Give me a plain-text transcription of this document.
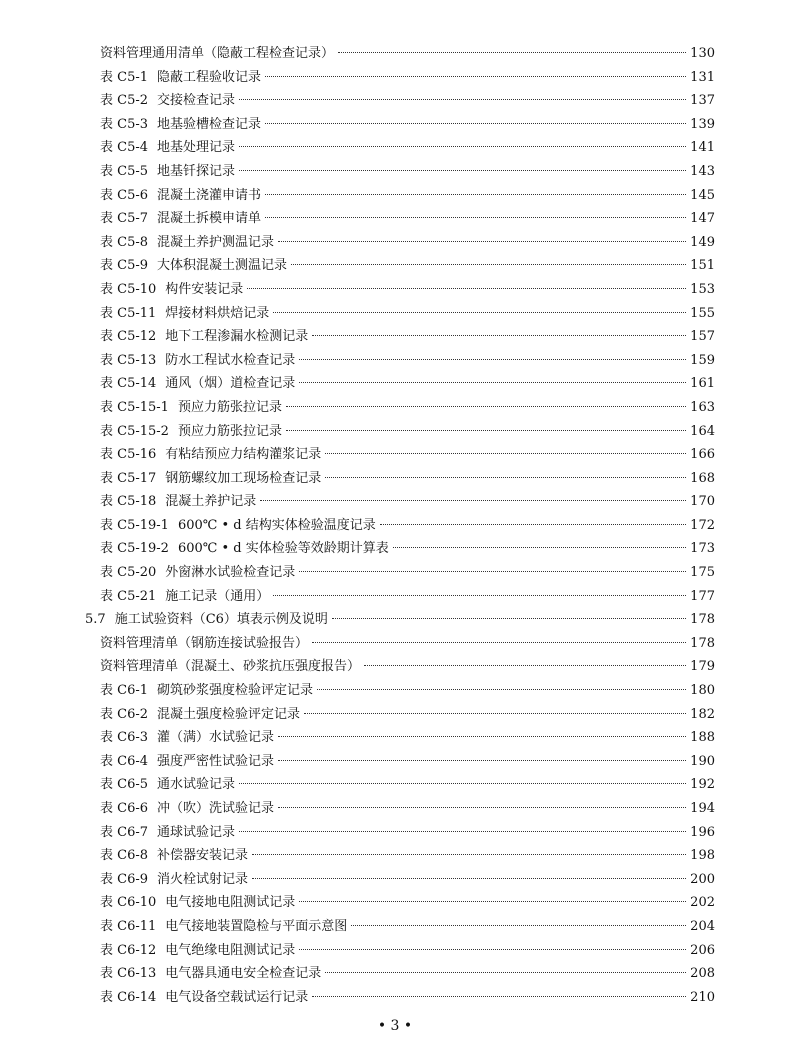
资料管理通用清单（隐蔽工程检查记录）	130
表 C5-1 隐蔽工程验收记录	131
表 C5-2 交接检查记录	137
表 C5-3 地基验槽检查记录	139
表 C5-4 地基处理记录	141
表 C5-5 地基钎探记录	143
表 C5-6 混凝土浇灌申请书	145
表 C5-7 混凝土拆模申请单	147
表 C5-8 混凝土养护测温记录	149
表 C5-9 大体积混凝土测温记录	151
表 C5-10 构件安装记录	153
表 C5-11 焊接材料烘焙记录	155
表 C5-12 地下工程渗漏水检测记录	157
表 C5-13 防水工程试水检查记录	159
表 C5-14 通风（烟）道检查记录	161
表 C5-15-1 预应力筋张拉记录	163
表 C5-15-2 预应力筋张拉记录	164
表 C5-16 有粘结预应力结构灌浆记录	166
表 C5-17 钢筋螺纹加工现场检查记录	168
表 C5-18 混凝土养护记录	170
表 C5-19-1 600℃ • d 结构实体检验温度记录	172
表 C5-19-2 600℃ • d 实体检验等效龄期计算表	173
表 C5-20 外窗淋水试验检查记录	175
表 C5-21 施工记录（通用）	177
5.7 施工试验资料（C6）填表示例及说明	178
资料管理清单（钢筋连接试验报告）	178
资料管理清单（混凝土、砂浆抗压强度报告）	179
表 C6-1 砌筑砂浆强度检验评定记录	180
表 C6-2 混凝土强度检验评定记录	182
表 C6-3 灌（满）水试验记录	188
表 C6-4 强度严密性试验记录	190
表 C6-5 通水试验记录	192
表 C6-6 冲（吹）洗试验记录	194
表 C6-7 通球试验记录	196
表 C6-8 补偿器安装记录	198
表 C6-9 消火栓试射记录	200
表 C6-10 电气接地电阻测试记录	202
表 C6-11 电气接地装置隐检与平面示意图	204
表 C6-12 电气绝缘电阻测试记录	206
表 C6-13 电气器具通电安全检查记录	208
表 C6-14 电气设备空载试运行记录	210
• 3 •
